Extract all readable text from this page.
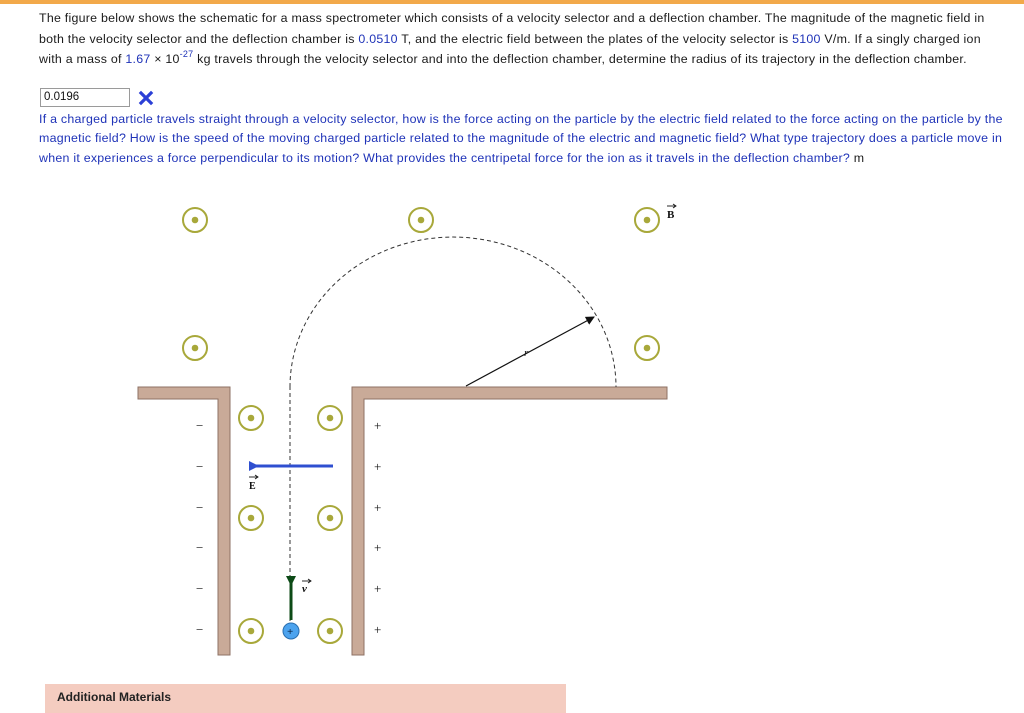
The figure below shows the schematic for a mass spectrometer which consists of a velocity selector and a deflection chamber. The magnitude of the magnetic field in both the velocity selector and the deflection chamber is 0.0510 T, and the electric field between the plates of the velocity selector is 5100 V/m. If a singly charged ion with a mass of $1.67 \times 10^{-27}$ kg travels through the velocity selector and into the deflection chamber, determine the radius of its trajectory in the deflection chamber.
0.0196
If a charged particle travels straight through a velocity selector, how is the force acting on the particle by the electric field related to the force acting on the particle by the magnetic field? How is the speed of the moving charged particle related to the magnitude of the electric and magnetic field? What type trajectory does a particle move in when it experiences a force perpendicular to its motion? What provides the centripetal force for the ion as it travels in the deflection chamber? m
B
r
−
−
−
−
−
−
+
+
+
+
+
+
E
v
+
Additional Materials
